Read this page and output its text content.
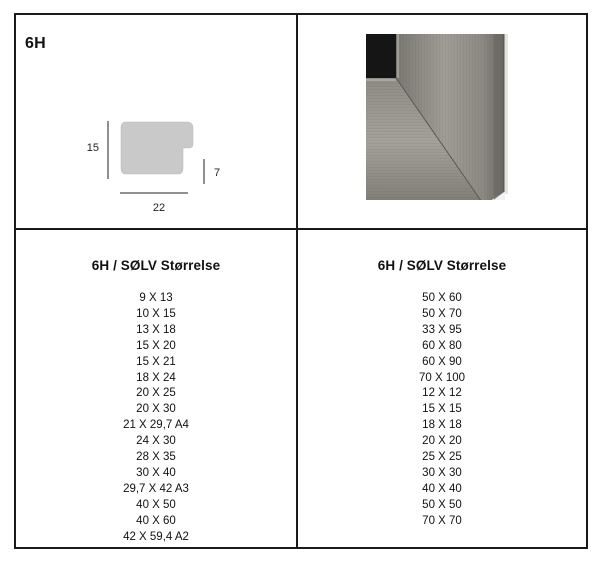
6H
15
7
22
6H / SØLV Størrelse
9 X 13
10 X 15
13 X 18
15 X 20
15 X 21
18 X 24
20 X 25
20 X 30
21 X 29,7 A4
24 X 30
28 X 35
30 X 40
29,7 X 42 A3
40 X 50
40 X 60
42 X 59,4 A2
6H / SØLV Størrelse
50 X 60
50 X 70
33 X 95
60 X 80
60 X 90
70 X 100
12 X 12
15 X 15
18 X 18
20 X 20
25 X 25
30 X 30
40 X 40
50 X 50
70 X 70
